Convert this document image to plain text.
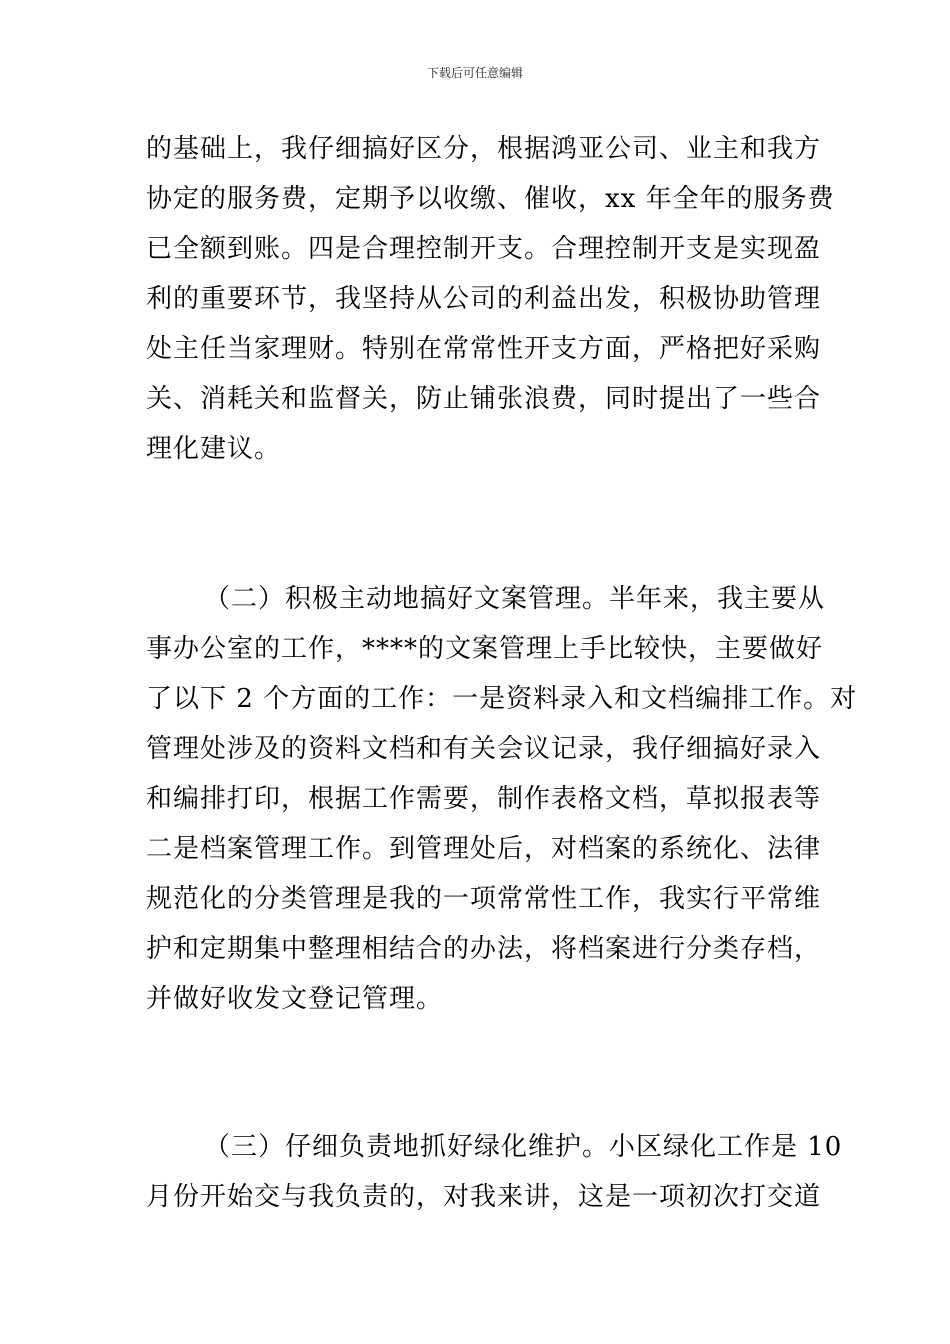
下载后可任意编辑
的基础上，我仔细搞好区分，根据鸿亚公司、业主和我方
协定的服务费，定期予以收缴、催收，xx 年全年的服务费
已全额到账。四是合理控制开支。合理控制开支是实现盈
利的重要环节，我坚持从公司的利益出发，积极协助管理
处主任当家理财。特别在常常性开支方面，严格把好采购
关、消耗关和监督关，防止铺张浪费，同时提出了一些合
理化建议。
（二）积极主动地搞好文案管理。半年来，我主要从
事办公室的工作，****的文案管理上手比较快，主要做好
了以下 2 个方面的工作：一是资料录入和文档编排工作。对
管理处涉及的资料文档和有关会议记录，我仔细搞好录入
和编排打印，根据工作需要，制作表格文档，草拟报表等
二是档案管理工作。到管理处后，对档案的系统化、法律
规范化的分类管理是我的一项常常性工作，我实行平常维
护和定期集中整理相结合的办法，将档案进行分类存档，
并做好收发文登记管理。
（三）仔细负责地抓好绿化维护。小区绿化工作是 10
月份开始交与我负责的，对我来讲，这是一项初次打交道
